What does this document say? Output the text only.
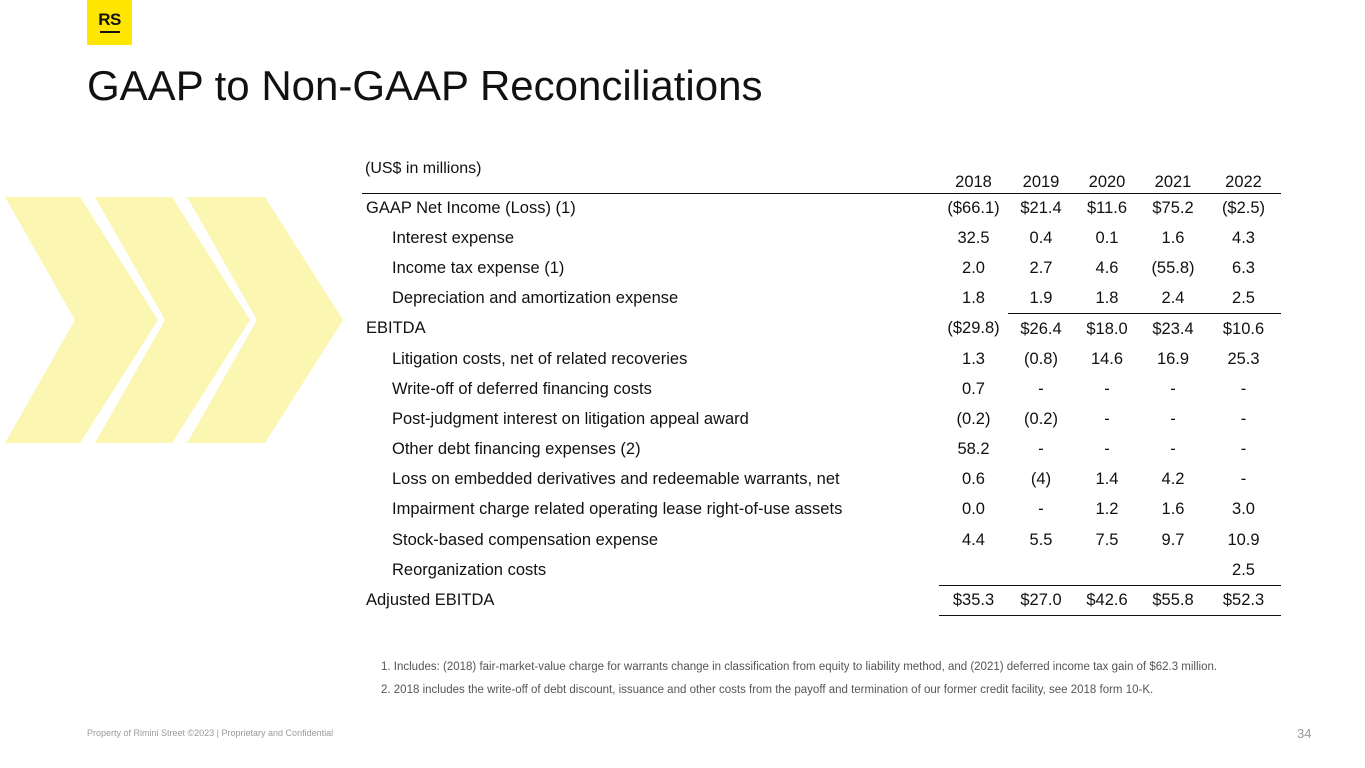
RS
GAAP to Non-GAAP Reconciliations
(US$ in millions)
	2018	2019	2020	2021	2022
GAAP Net Income (Loss) (1)	($66.1)	$21.4	$11.6	$75.2	($2.5)
Interest expense	32.5	0.4	0.1	1.6	4.3
Income tax expense (1)	2.0	2.7	4.6	(55.8)	6.3
Depreciation and amortization expense	1.8	1.9	1.8	2.4	2.5
EBITDA	($29.8)	$26.4	$18.0	$23.4	$10.6
Litigation costs, net of related recoveries	1.3	(0.8)	14.6	16.9	25.3
Write-off of deferred financing costs	0.7	-	-	-	-
Post-judgment interest on litigation appeal award	(0.2)	(0.2)	-	-	-
Other debt financing expenses (2)	58.2	-	-	-	-
Loss on embedded derivatives and redeemable warrants, net	0.6	(4)	1.4	4.2	-
Impairment charge related operating lease right-of-use assets	0.0	-	1.2	1.6	3.0
Stock-based compensation expense	4.4	5.5	7.5	9.7	10.9
Reorganization costs					2.5
Adjusted EBITDA	$35.3	$27.0	$42.6	$55.8	$52.3
1. Includes: (2018) fair-market-value charge for warrants change in classification from equity to liability method, and (2021) deferred income tax gain of $62.3 million.
2. 2018 includes the write-off of debt discount, issuance and other costs from the payoff and termination of our former credit facility, see 2018 form 10-K.
Property of Rimini Street ©2023 | Proprietary and Confidential	34
